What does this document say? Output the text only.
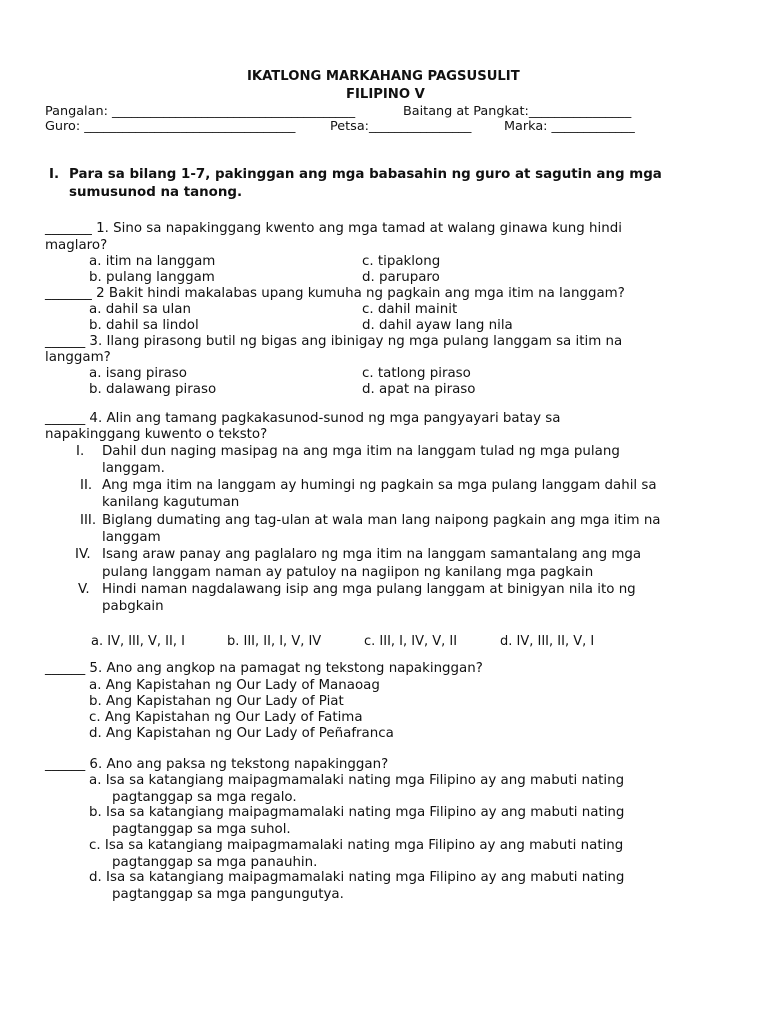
IKATLONG MARKAHANG PAGSUSULIT
FILIPINO V
Pangalan: ______________________________________	Baitang at Pangkat:________________
Guro: _________________________________	Petsa:________________	Marka: _____________
I. Para sa bilang 1-7, pakinggan ang mga babasahin ng guro at sagutin ang mga
sumusunod na tanong.
_______ 1. Sino sa napakinggang kwento ang mga tamad at walang ginawa kung hindi
maglaro?
a. itim na langgam	c. tipaklong
b. pulang langgam	d. paruparo
_______ 2 Bakit hindi makalabas upang kumuha ng pagkain ang mga itim na langgam?
a. dahil sa ulan	c. dahil mainit
b. dahil sa lindol	d. dahil ayaw lang nila
______ 3. Ilang pirasong butil ng bigas ang ibinigay ng mga pulang langgam sa itim na
langgam?
a. isang piraso	c. tatlong piraso
b. dalawang piraso	d. apat na piraso
______ 4. Alin ang tamang pagkakasunod-sunod ng mga pangyayari batay sa
napakinggang kuwento o teksto?
I. Dahil dun naging masipag na ang mga itim na langgam tulad ng mga pulang
langgam.
II. Ang mga itim na langgam ay humingi ng pagkain sa mga pulang langgam dahil sa
kanilang kagutuman
III. Biglang dumating ang tag-ulan at wala man lang naipong pagkain ang mga itim na
langgam
IV. Isang araw panay ang paglalaro ng mga itim na langgam samantalang ang mga
pulang langgam naman ay patuloy na nagiipon ng kanilang mga pagkain
V. Hindi naman nagdalawang isip ang mga pulang langgam at binigyan nila ito ng
pabgkain
a. IV, III, V, II, I	b. III, II, I, V, IV	c. III, I, IV, V, II	d. IV, III, II, V, I
______ 5. Ano ang angkop na pamagat ng tekstong napakinggan?
a. Ang Kapistahan ng Our Lady of Manaoag
b. Ang Kapistahan ng Our Lady of Piat
c. Ang Kapistahan ng Our Lady of Fatima
d. Ang Kapistahan ng Our Lady of Peñafranca
______ 6. Ano ang paksa ng tekstong napakinggan?
a. Isa sa katangiang maipagmamalaki nating mga Filipino ay ang mabuti nating
pagtanggap sa mga regalo.
b. Isa sa katangiang maipagmamalaki nating mga Filipino ay ang mabuti nating
pagtanggap sa mga suhol.
c. Isa sa katangiang maipagmamalaki nating mga Filipino ay ang mabuti nating
pagtanggap sa mga panauhin.
d. Isa sa katangiang maipagmamalaki nating mga Filipino ay ang mabuti nating
pagtanggap sa mga pangungutya.
